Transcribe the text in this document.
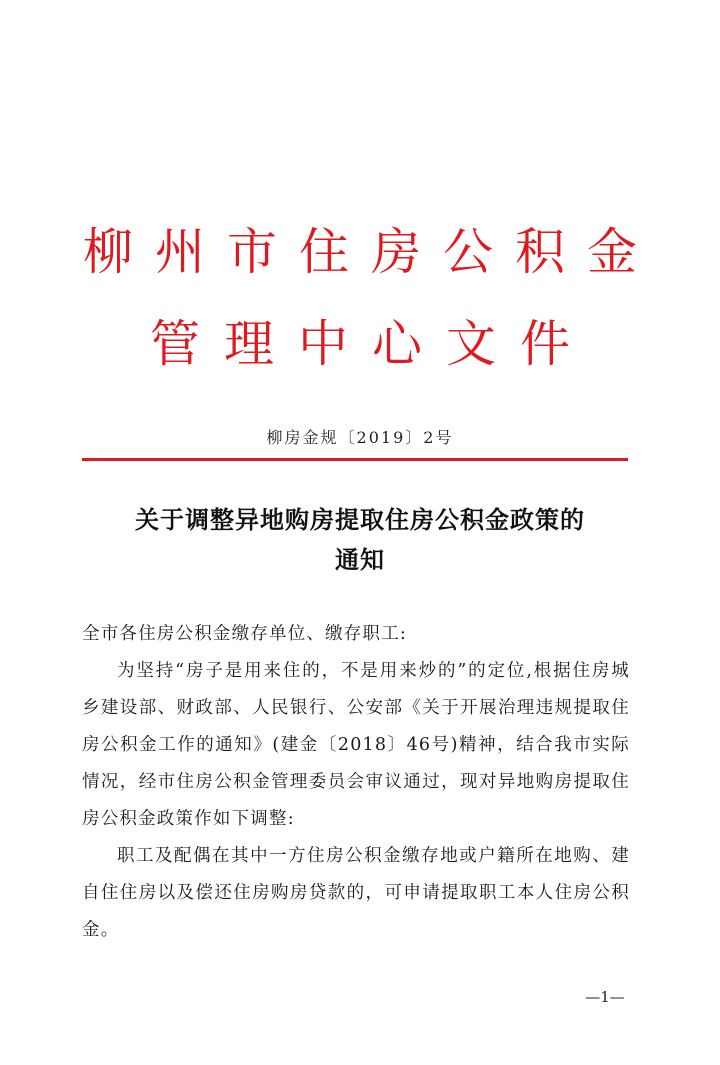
柳州市住房公积金
管理中心文件
柳房金规〔2019〕2号
关于调整异地购房提取住房公积金政策的
通知

全市各住房公积金缴存单位、缴存职工:

为坚持“房子是用来住的，不是用来炒的”的定位,根据住房城乡建设部、财政部、人民银行、公安部《关于开展治理违规提取住房公积金工作的通知》(建金〔2018〕46号)精神，结合我市实际情况，经市住房公积金管理委员会审议通过，现对异地购房提取住房公积金政策作如下调整:

职工及配偶在其中一方住房公积金缴存地或户籍所在地购、建自住住房以及偿还住房购房贷款的，可申请提取职工本人住房公积金。

—1—
